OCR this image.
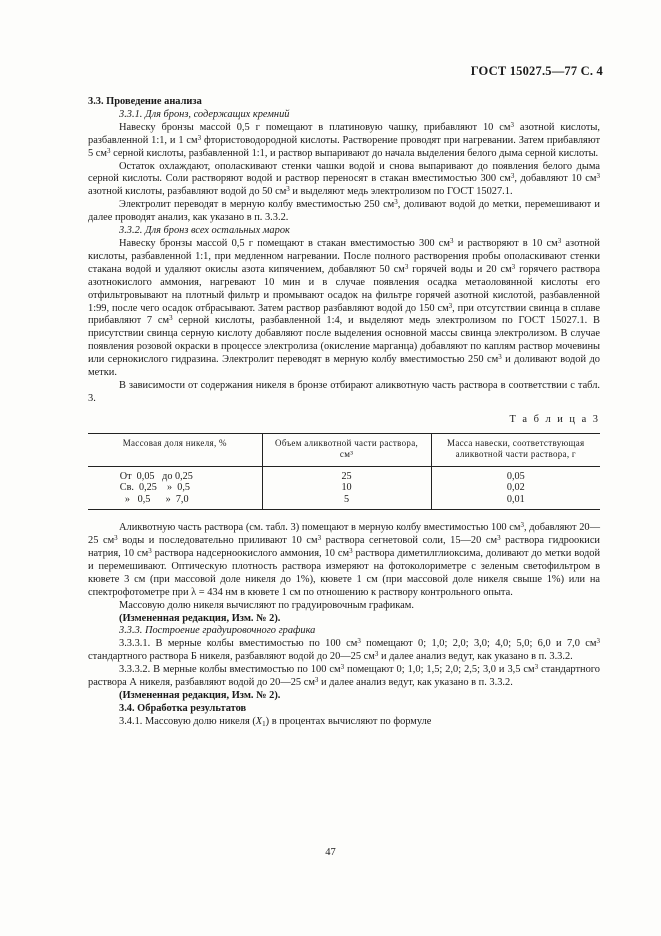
ГОСТ 15027.5—77 С. 4

3.3. Проведение анализа

3.3.1. Для бронз, содержащих кремний

Навеску бронзы массой 0,5 г помещают в платиновую чашку, прибавляют 10 $см^3$ азотной кислоты, разбавленной 1:1, и 1 $см^3$ фтористоводородной кислоты. Растворение проводят при нагревании. Затем прибавляют 5 $см^3$ серной кислоты, разбавленной 1:1, и раствор выпаривают до начала выделения белого дыма серной кислоты.

Остаток охлаждают, ополаскивают стенки чашки водой и снова выпаривают до появления белого дыма серной кислоты. Соли растворяют водой и раствор переносят в стакан вместимостью 300 $см^3$, добавляют 10 $см^3$ азотной кислоты, разбавляют водой до 50 $см^3$ и выделяют медь электролизом по ГОСТ 15027.1.

Электролит переводят в мерную колбу вместимостью 250 $см^3$, доливают водой до метки, перемешивают и далее проводят анализ, как указано в п. 3.3.2.

3.3.2. Для бронз всех остальных марок

Навеску бронзы массой 0,5 г помещают в стакан вместимостью 300 $см^3$ и растворяют в 10 $см^3$ азотной кислоты, разбавленной 1:1, при медленном нагревании. После полного растворения пробы ополаскивают стенки стакана водой и удаляют окислы азота кипячением, добавляют 50 $см^3$ горячей воды и 20 $см^3$ горячего раствора азотнокислого аммония, нагревают 10 мин и в случае появления осадка метаоловянной кислоты его отфильтровывают на плотный фильтр и промывают осадок на фильтре горячей азотной кислотой, разбавленной 1:99, после чего осадок отбрасывают. Затем раствор разбавляют водой до 150 $см^3$, при отсутствии свинца в сплаве прибавляют 7 $см^3$ серной кислоты, разбавленной 1:4, и выделяют медь электролизом по ГОСТ 15027.1. В присутствии свинца серную кислоту добавляют после выделения основной массы свинца электролизом. В случае появления розовой окраски в процессе электролиза (окисление марганца) добавляют по каплям раствор мочевины или сернокислого гидразина. Электролит переводят в мерную колбу вместимостью 250 $см^3$ и доливают водой до метки.

В зависимости от содержания никеля в бронзе отбирают аликвотную часть раствора в соответствии с табл. 3.

Т а б л и ц а 3
Массовая доля никеля, %	Объем аликвотной части раствора, см³	Масса навески, соответствующая аликвотной части раствора, г
От  0,05   до 0,25	25	0,05
Св.  0,25    »  0,5	10	0,02
»   0,5      »  7,0	5	0,01

Аликвотную часть раствора (см. табл. 3) помещают в мерную колбу вместимостью 100 $см^3$, добавляют 20—25 $см^3$ воды и последовательно приливают 10 $см^3$ раствора сегнетовой соли, 15—20 $см^3$ раствора гидроокиси натрия, 10 $см^3$ раствора надсерноокислого аммония, 10 $см^3$ раствора диметилглиоксима, доливают до метки водой и перемешивают. Оптическую плотность раствора измеряют на фотоколориметре с зеленым светофильтром в кювете 3 см (при массовой доле никеля до 1%), кювете 1 см (при массовой доле никеля свыше 1%) или на спектрофотометре при λ = 434 нм в кювете 1 см по отношению к раствору контрольного опыта.

Массовую долю никеля вычисляют по градуировочным графикам.

(Измененная редакция, Изм. № 2).

3.3.3. Построение градуировочного графика

3.3.3.1. В мерные колбы вместимостью по 100 $см^3$ помещают 0; 1,0; 2,0; 3,0; 4,0; 5,0; 6,0 и 7,0 $см^3$ стандартного раствора Б никеля, разбавляют водой до 20—25 $см^3$ и далее анализ ведут, как указано в п. 3.3.2.

3.3.3.2. В мерные колбы вместимостью по 100 $см^3$ помещают 0; 1,0; 1,5; 2,0; 2,5; 3,0 и 3,5 $см^3$ стандартного раствора А никеля, разбавляют водой до 20—25 $см^3$ и далее анализ ведут, как указано в п. 3.3.2.

(Измененная редакция, Изм. № 2).

3.4. Обработка результатов

3.4.1. Массовую долю никеля (X1) в процентах вычисляют по формуле

47
